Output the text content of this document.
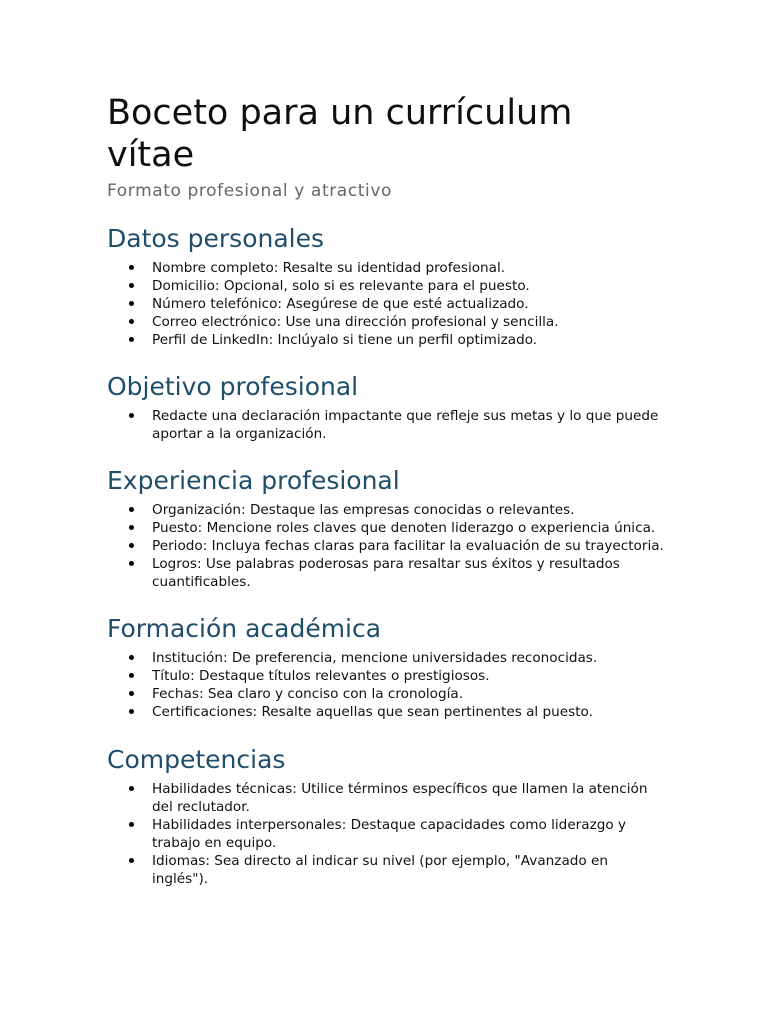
Boceto para un currículum vítae
Formato profesional y atractivo
Datos personales
Nombre completo: Resalte su identidad profesional.
Domicilio: Opcional, solo si es relevante para el puesto.
Número telefónico: Asegúrese de que esté actualizado.
Correo electrónico: Use una dirección profesional y sencilla.
Perfil de LinkedIn: Inclúyalo si tiene un perfil optimizado.
Objetivo profesional
Redacte una declaración impactante que refleje sus metas y lo que puede aportar a la organización.
Experiencia profesional
Organización: Destaque las empresas conocidas o relevantes.
Puesto: Mencione roles claves que denoten liderazgo o experiencia única.
Periodo: Incluya fechas claras para facilitar la evaluación de su trayectoria.
Logros: Use palabras poderosas para resaltar sus éxitos y resultados cuantificables.
Formación académica
Institución: De preferencia, mencione universidades reconocidas.
Título: Destaque títulos relevantes o prestigiosos.
Fechas: Sea claro y conciso con la cronología.
Certificaciones: Resalte aquellas que sean pertinentes al puesto.
Competencias
Habilidades técnicas: Utilice términos específicos que llamen la atención del reclutador.
Habilidades interpersonales: Destaque capacidades como liderazgo y trabajo en equipo.
Idiomas: Sea directo al indicar su nivel (por ejemplo, "Avanzado en inglés").
